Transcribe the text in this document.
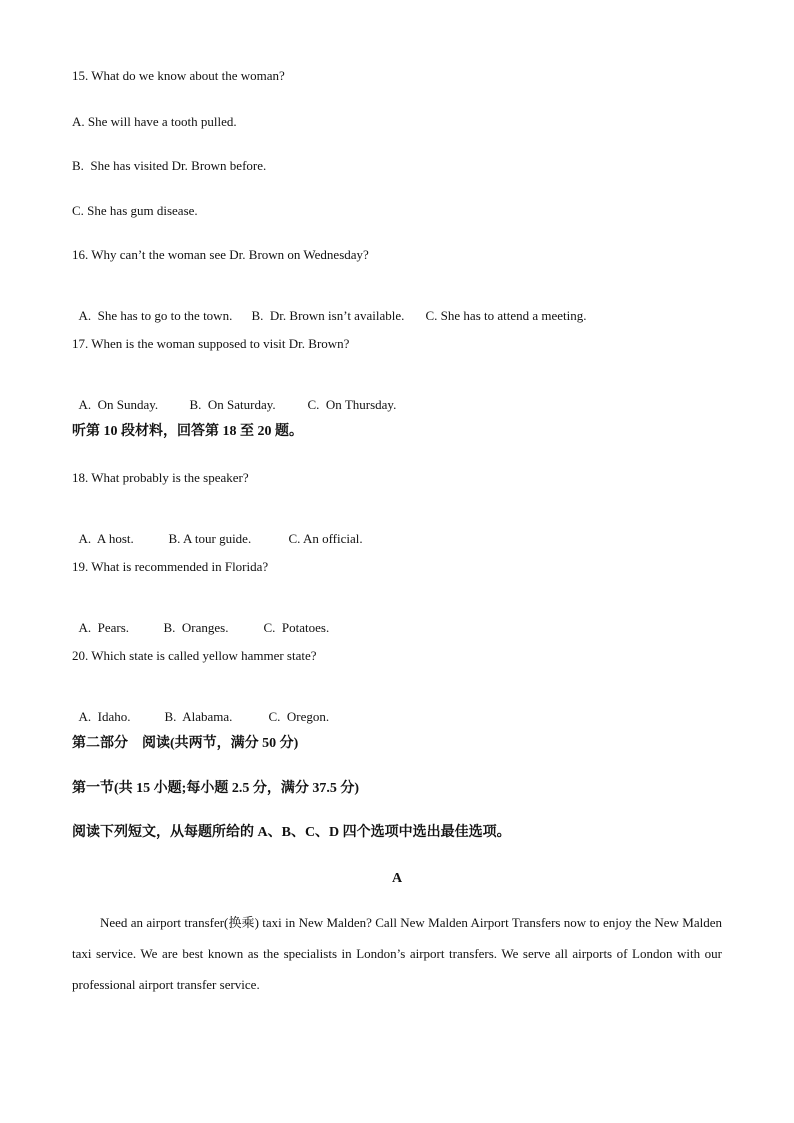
15. What do we know about the woman?
A. She will have a tooth pulled.
B.  She has visited Dr. Brown before.
C. She has gum disease.
16. Why can’t the woman see Dr. Brown on Wednesday?

A.  She has to go to the town. B.  Dr. Brown isn’t available. C. She has to attend a meeting.

17. When is the woman supposed to visit Dr. Brown?

A.  On Sunday. B.  On Saturday. C.  On Thursday.

听第 10 段材料，回答第 18 至 20 题。
18. What probably is the speaker?

A.  A host.	B. A tour guide.	C. An official.

19. What is recommended in Florida?

A.  Pears.	B.  Oranges.	C.  Potatoes.

20. Which state is called yellow hammer state?

A.  Idaho.	B.  Alabama.	C.  Oregon.

第二部分　阅读(共两节，满分 50 分)
第一节(共 15 小题;每小题 2.5 分，满分 37.5 分)
阅读下列短文，从每题所给的 A、B、C、D 四个选项中选出最佳选项。
A
Need an airport transfer(换乘) taxi in New Malden? Call New Malden Airport Transfers now to enjoy the New Malden taxi service. We are best known as the specialists in London’s airport transfers. We serve all airports of London with our professional airport transfer service.
